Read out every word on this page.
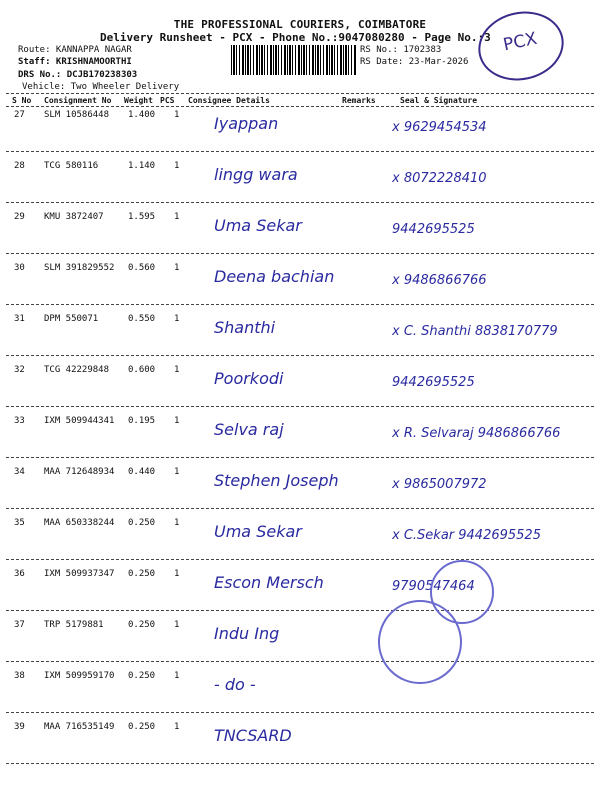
THE PROFESSIONAL COURIERS, COIMBATORE
Delivery Runsheet - PCX - Phone No.:9047080280 - Page No.:3
Route: KANNAPPA NAGAR
Staff: KRISHNAMOORTHI
DRS No.: DCJB170238303
Vehicle: Two Wheeler Delivery
RS No.: 1702383
RS Date: 23-Mar-2026
PCX
S No Consignment No Weight PCS Consignee Details	Remarks	Seal & Signature
27 SLM 10586448 1.400 1 Iyappan	x 9629454534
28 TCG 580116	1.140 1 lingg wara	x 8072228410
29 KMU 3872407	1.595 1 Uma Sekar	9442695525
30 SLM 391829552 0.560 1 Deena bachian	x 9486866766
31 DPM 550071	0.550 1 Shanthi	x C. Shanthi 8838170779
32 TCG 42229848 0.600 1 Poorkodi	9442695525
33 IXM 509944341 0.195 1 Selva raj	x R. Selvaraj 9486866766
34 MAA 712648934 0.440 1 Stephen Joseph	x 9865007972
35 MAA 650338244 0.250 1 Uma Sekar	x C.Sekar 9442695525
36 IXM 509937347 0.250 1 Escon Mersch	9790547464
37 TRP 5179881	0.250 1 Indu Ing
38 IXM 509959170 0.250 1 - do -
39 MAA 716535149 0.250 1 TNCSARD
